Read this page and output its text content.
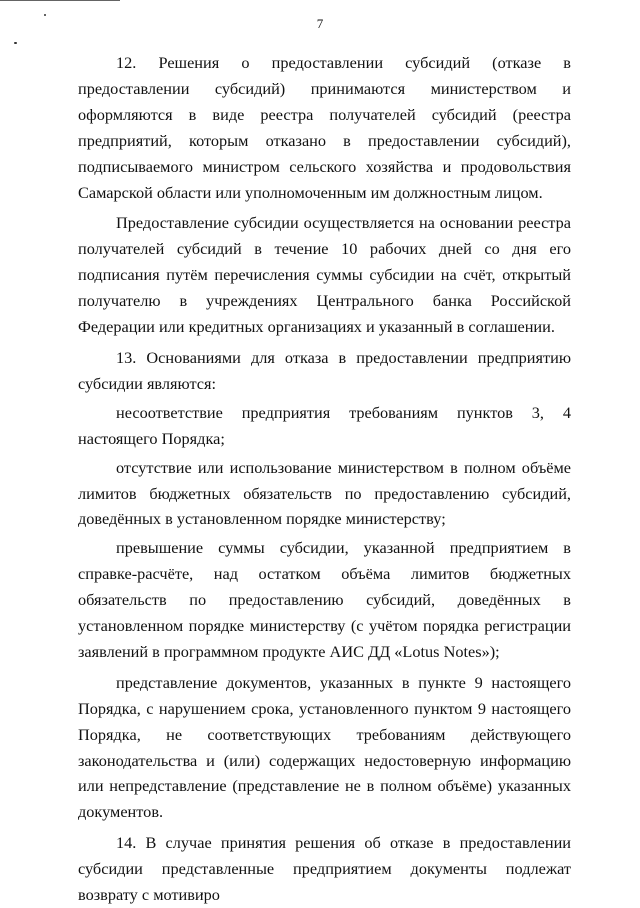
7

12. Решения о предоставлении субсидий (отказе в предоставлении субсидий) принимаются министерством и оформляются в виде реестра получателей субсидий (реестра предприятий, которым отказано в предоставлении субсидий), подписываемого министром сельского хозяйства и продовольствия Самарской области или уполномоченным им должностным лицом.

Предоставление субсидии осуществляется на основании реестра получателей субсидий в течение 10 рабочих дней со дня его подписания путём перечисления суммы субсидии на счёт, открытый получателю в учреждениях Центрального банка Российской Федерации или кредитных организациях и указанный в соглашении.

13. Основаниями для отказа в предоставлении предприятию субсидии являются:

несоответствие предприятия требованиям пунктов 3, 4 настоящего Порядка;

отсутствие или использование министерством в полном объёме лимитов бюджетных обязательств по предоставлению субсидий, доведённых в установленном порядке министерству;

превышение суммы субсидии, указанной предприятием в справке-расчёте, над остатком объёма лимитов бюджетных обязательств по предоставлению субсидий, доведённых в установленном порядке министерству (с учётом порядка регистрации заявлений в программном продукте АИС ДД «Lotus Notes»);

представление документов, указанных в пункте 9 настоящего Порядка, с нарушением срока, установленного пунктом 9 настоящего Порядка, не соответствующих требованиям действующего законодательства и (или) содержащих недостоверную информацию или непредставление (представление не в полном объёме) указанных документов.

14. В случае принятия решения об отказе в предоставлении субсидии представленные предприятием документы подлежат возврату с мотивиро
